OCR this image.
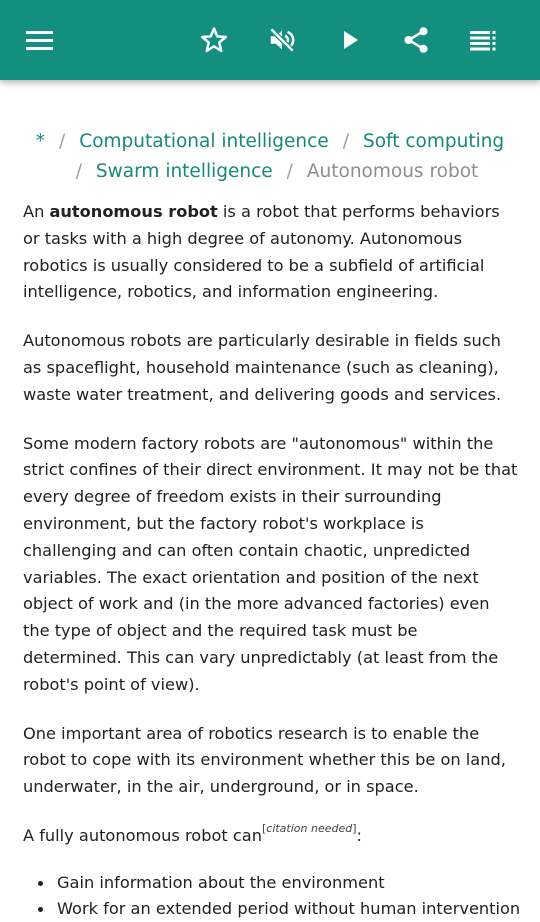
* / Computational intelligence / Soft computing
/ Swarm intelligence / Autonomous robot

An autonomous robot is a robot that performs behaviors or tasks with a high degree of autonomy. Autonomous robotics is usually considered to be a subfield of artificial intelligence, robotics, and information engineering.

Autonomous robots are particularly desirable in fields such as spaceflight, household maintenance (such as cleaning), waste water treatment, and delivering goods and services.

Some modern factory robots are "autonomous" within the strict confines of their direct environment. It may not be that every degree of freedom exists in their surrounding environment, but the factory robot's workplace is challenging and can often contain chaotic, unpredicted variables. The exact orientation and position of the next object of work and (in the more advanced factories) even the type of object and the required task must be determined. This can vary unpredictably (at least from the robot's point of view).

One important area of robotics research is to enable the robot to cope with its environment whether this be on land, underwater, in the air, underground, or in space.

A fully autonomous robot can[citation needed]:

Gain information about the environment
Work for an extended period without human intervention
